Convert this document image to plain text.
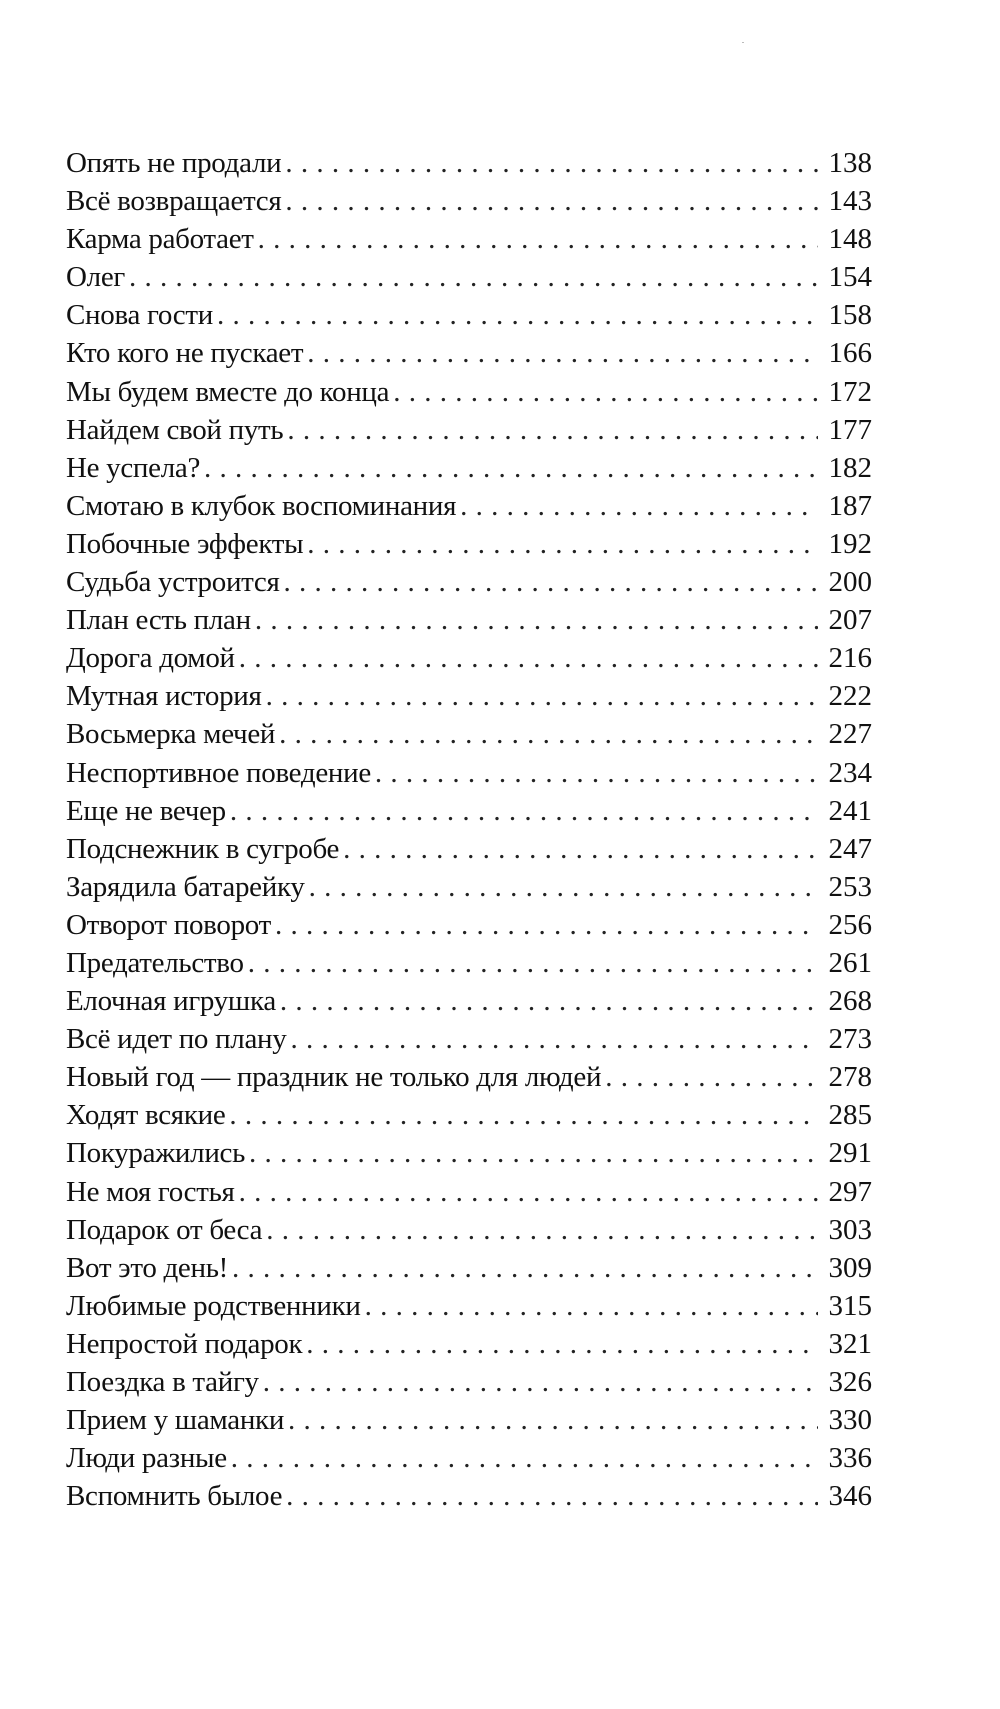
Опять не продали . . .	138
Всё возвращается . . .	143
Карма работает . . .	148
Олег . . .	154
Снова гости . . .	158
Кто кого не пускает . . .	166
Мы будем вместе до конца . . .	172
Найдем свой путь . . .	177
Не успела? . . .	182
Смотаю в клубок воспоминания . . .	187
Побочные эффекты . . .	192
Судьба устроится . . .	200
План есть план . . .	207
Дорога домой . . .	216
Мутная история . . .	222
Восьмерка мечей . . .	227
Неспортивное поведение . . .	234
Еще не вечер . . .	241
Подснежник в сугробе . . .	247
Зарядила батарейку . . .	253
Отворот поворот . . .	256
Предательство . . .	261
Елочная игрушка . . .	268
Всё идет по плану . . .	273
Новый год — праздник не только для людей . . .	278
Ходят всякие . . .	285
Покуражились . . .	291
Не моя гостья . . .	297
Подарок от беса . . .	303
Вот это день! . . .	309
Любимые родственники . . .	315
Непростой подарок . . .	321
Поездка в тайгу . . .	326
Прием у шаманки . . .	330
Люди разные . . .	336
Вспомнить былое . . .	346
